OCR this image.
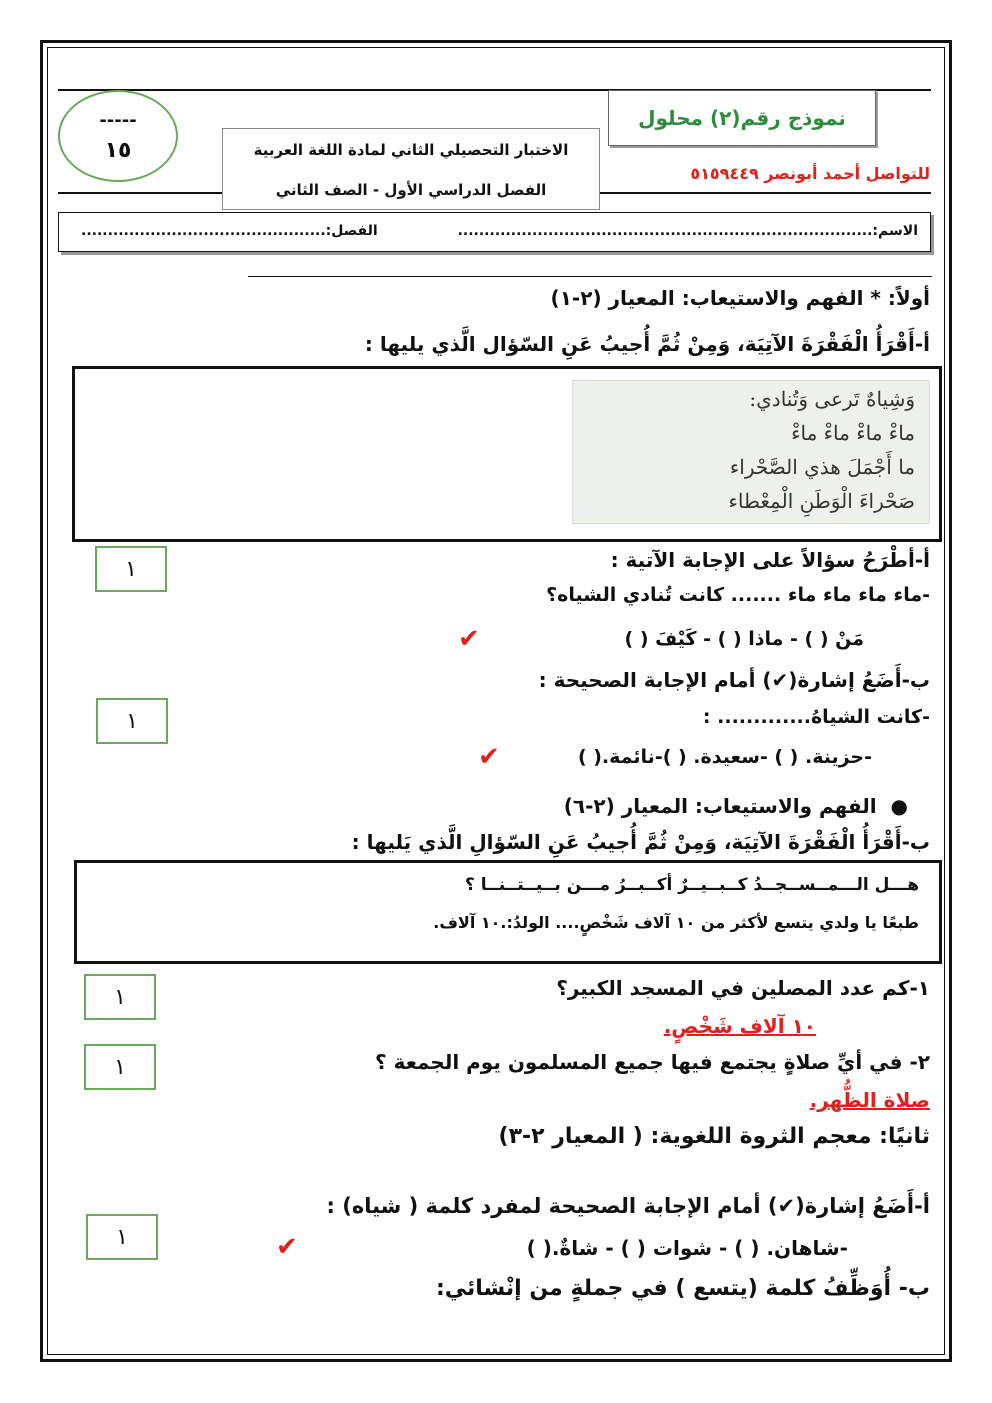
-----
١٥
نموذج رقم(٢) محلول
للتواصل أحمد أبونصر ٥١٥٩٤٤٩
الاختبار التحصيلي الثاني لمادة اللغة العربية
الفصل الدراسي الأول - الصف الثاني
الاسم:..............................................................................
الفصل:..............................................
أولاً: * الفهم والاستيعاب: المعيار (٢-١)
أ-أَقْرَأُ الْفَقْرَةَ الآتِيَة، وَمِنْ ثُمَّ أُجيبُ عَنِ السّؤال الَّذي يليها :
وَشِياهٌ تَرعى وَتُنادي:
ماءْ ماءْ ماءْ ماءْ
ما أَجْمَلَ هذي الصَّحْراء
صَحْراءَ الْوَطَنِ الْمِعْطاء
١	أ-أطْرَحُ سؤالاً على الإجابة الآتية :
-ماء ماء ماء ماء ....... كانت تُنادي الشياه؟
مَنْ ( ) - ماذا ( ) - كَيْفَ ( )
✔
ب-أَضَعُ إشارة(✔) أمام الإجابة الصحيحة :
١	-كانت الشياهُ............. :
-حزينة. ( ) -سعيدة. ( )-نائمة.( )
✔
●  الفهم والاستيعاب: المعيار (٢-٦)
ب-أَقْرَأُ الْفَقْرَةَ الآتِيَة، وَمِنْ ثُمَّ أُجيبُ عَنِ السّؤالِ الَّذي يَليها :
هـــل الـــمــســجــدُ كــبــيــرٌ أكــبــرُ مـــن بــيــتــنــا ؟
طبعًا يا ولدي يتسع لأكثر من ١٠ آلاف شَخْصٍ.... الولدُ:.١٠ آلاف.
١	١-كم عدد المصلين في المسجد الكبير؟
١٠ آلاف شَخْصٍ.
١	٢- في أيِّ صلاةٍ يجتمع فيها جميع المسلمون يوم الجمعة ؟
صلاة الظُّهر.
ثانيًا: معجم الثروة اللغوية: ( المعيار ٢-٣)
أ-أَضَعُ إشارة(✔) أمام الإجابة الصحيحة لمفرد كلمة ( شياه) :
١	-شاهان. ( ) - شوات ( ) - شاةٌ.( )
✔
ب- أُوَظِّفُ كلمة (يتسع ) في جملةٍ من إنْشائي:
